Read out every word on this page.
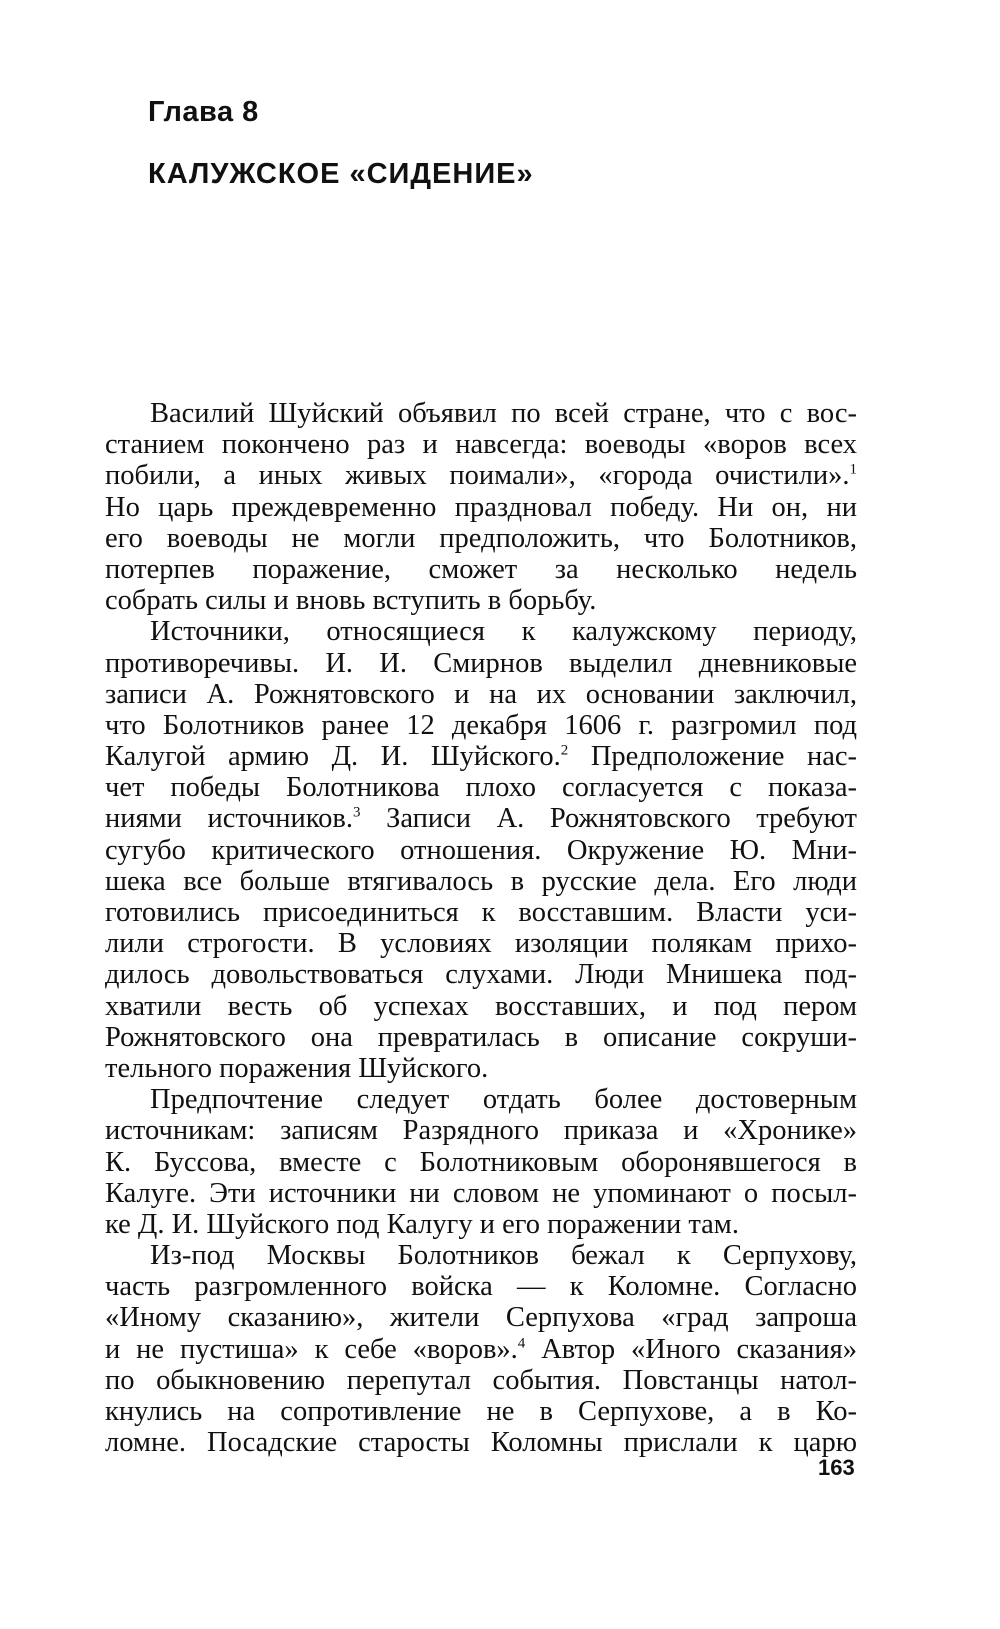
Глава 8
КАЛУЖСКОЕ «СИДЕНИЕ»
Василий Шуйский объявил по всей стране, что с вос-
станием покончено раз и навсегда: воеводы «воров всех
побили, а иных живых поимали», «города очистили».$^1$
Но царь преждевременно праздновал победу. Ни он, ни
его воеводы не могли предположить, что Болотников,
потерпев поражение, сможет за несколько недель
собрать силы и вновь вступить в борьбу.
Источники, относящиеся к калужскому периоду,
противоречивы. И. И. Смирнов выделил дневниковые
записи А. Рожнятовского и на их основании заключил,
что Болотников ранее 12 декабря 1606 г. разгромил под
Калугой армию Д. И. Шуйского.$^2$ Предположение нас-
чет победы Болотникова плохо согласуется с показа-
ниями источников.$^3$ Записи А. Рожнятовского требуют
сугубо критического отношения. Окружение Ю. Мни-
шека все больше втягивалось в русские дела. Его люди
готовились присоединиться к восставшим. Власти уси-
лили строгости. В условиях изоляции полякам прихо-
дилось довольствоваться слухами. Люди Мнишека под-
хватили весть об успехах восставших, и под пером
Рожнятовского она превратилась в описание сокруши-
тельного поражения Шуйского.
Предпочтение следует отдать более достоверным
источникам: записям Разрядного приказа и «Хронике»
К. Буссова, вместе с Болотниковым оборонявшегося в
Калуге. Эти источники ни словом не упоминают о посыл-
ке Д. И. Шуйского под Калугу и его поражении там.
Из-под Москвы Болотников бежал к Серпухову,
часть разгромленного войска — к Коломне. Согласно
«Иному сказанию», жители Серпухова «град запроша
и не пустиша» к себе «воров».$^4$ Автор «Иного сказания»
по обыкновению перепутал события. Повстанцы натол-
кнулись на сопротивление не в Серпухове, а в Ко-
ломне. Посадские старосты Коломны прислали к царю
163
